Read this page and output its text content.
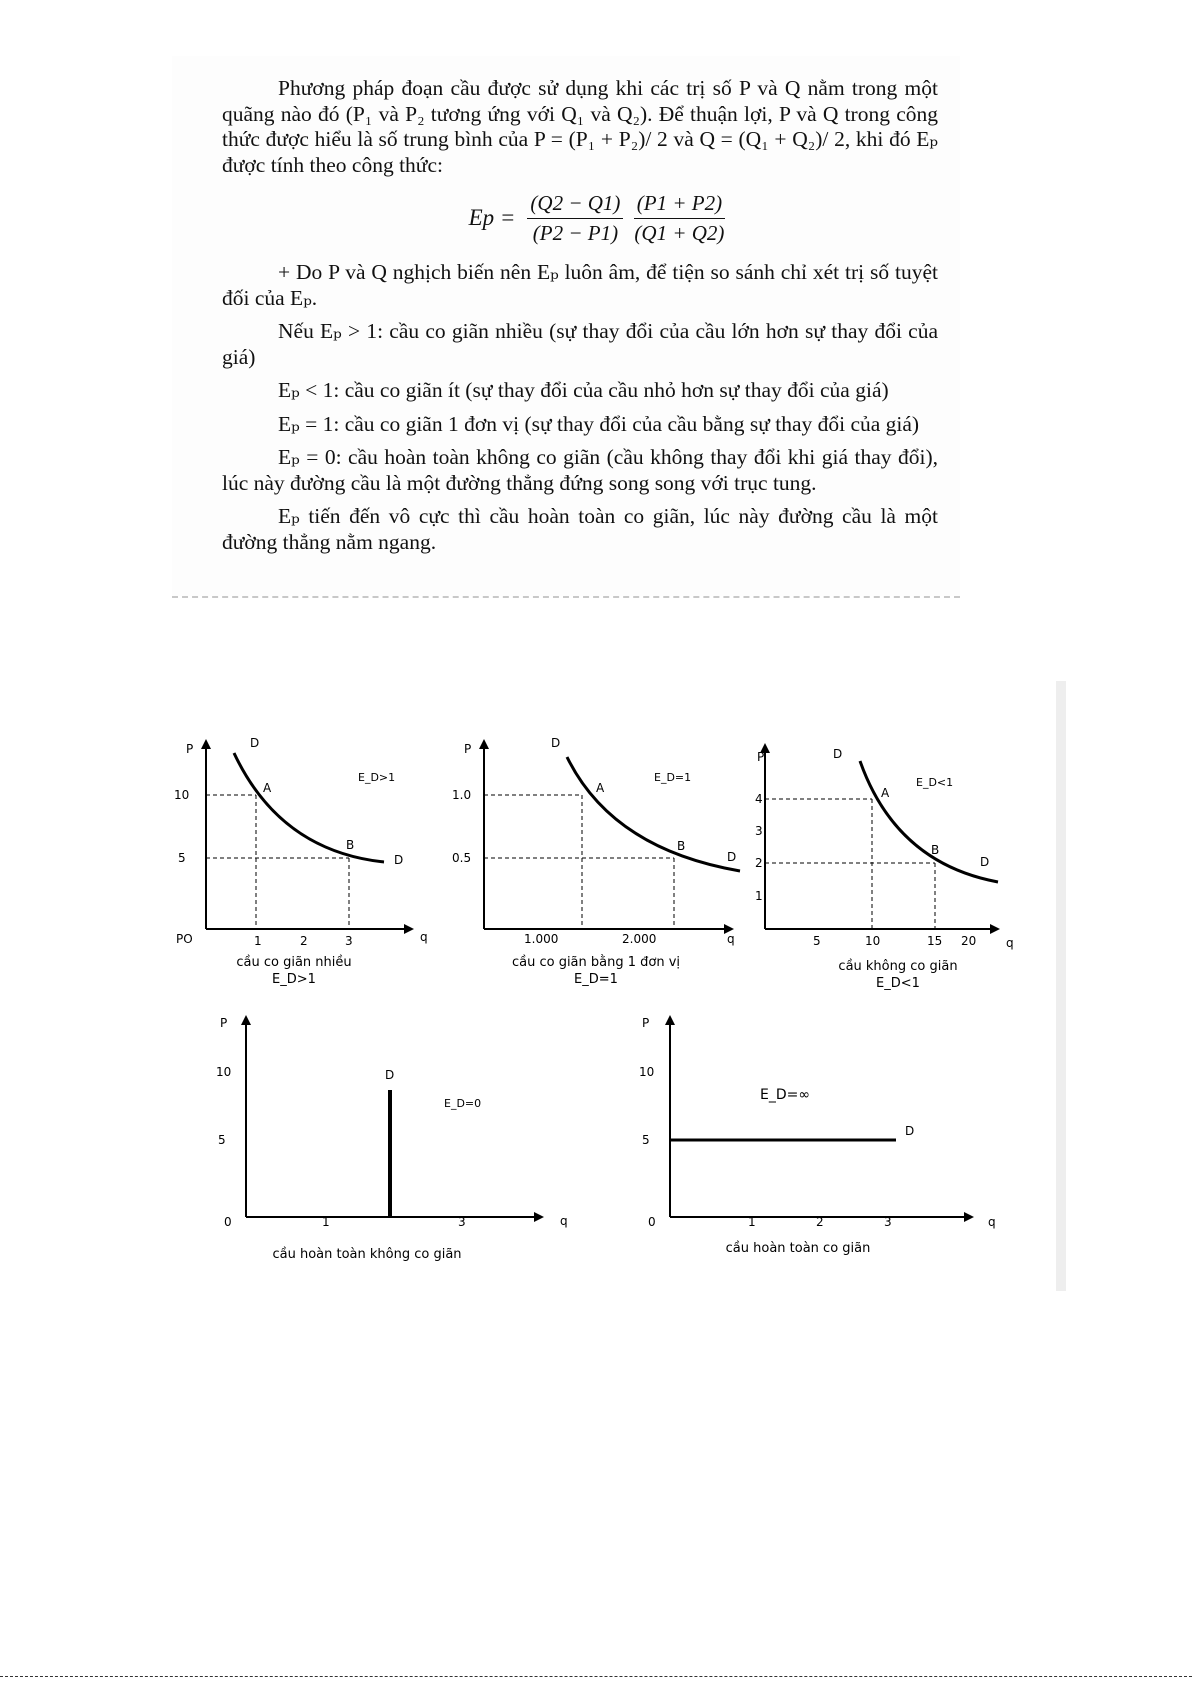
Phương pháp đoạn cầu được sử dụng khi các trị số P và Q nằm trong một quãng nào đó (P₁ và P₂ tương ứng với Q₁ và Q₂). Để thuận lợi, P và Q trong công thức được hiểu là số trung bình của P = (P₁ + P₂)/ 2 và Q = (Q₁ + Q₂)/ 2, khi đó Eₚ được tính theo công thức:

$Ep = \frac{(Q2 - Q1)}{(P2 - P1)} \frac{(P1 + P2)}{(Q1 + Q2)}$

+ Do P và Q nghịch biến nên Eₚ luôn âm, để tiện so sánh chỉ xét trị số tuyệt đối của Eₚ.

Nếu Eₚ > 1: cầu co giãn nhiều (sự thay đổi của cầu lớn hơn sự thay đổi của giá)

Eₚ < 1: cầu co giãn ít (sự thay đổi của cầu nhỏ hơn sự thay đổi của giá)

Eₚ = 1: cầu co giãn 1 đơn vị (sự thay đổi của cầu bằng sự thay đổi của giá)

Eₚ = 0: cầu hoàn toàn không co giãn (cầu không thay đổi khi giá thay đổi), lúc này đường cầu là một đường thẳng đứng song song với trục tung.

Eₚ tiến đến vô cực thì cầu hoàn toàn co giãn, lúc này đường cầu là một đường thẳng nằm ngang.

P
q
PO
10
5
1	2	3
D
D
A
B
E_D>1
cầu co giãn nhiều
E_D>1
P
q
1.0
0.5
1.000	2.000
D
D
A
B
E_D=1
cầu co giãn bằng 1 đơn vị
E_D=1
P
q
4
3
2
1
5	10	15 20
D
D
A
B
E_D<1
cầu không co giãn
E_D<1
P
q
0
10
5
1	3
D
E_D=0
cầu hoàn toàn không co giãn
P
q
0
10
5
1	2	3
D
E_D=∞
cầu hoàn toàn co giãn
